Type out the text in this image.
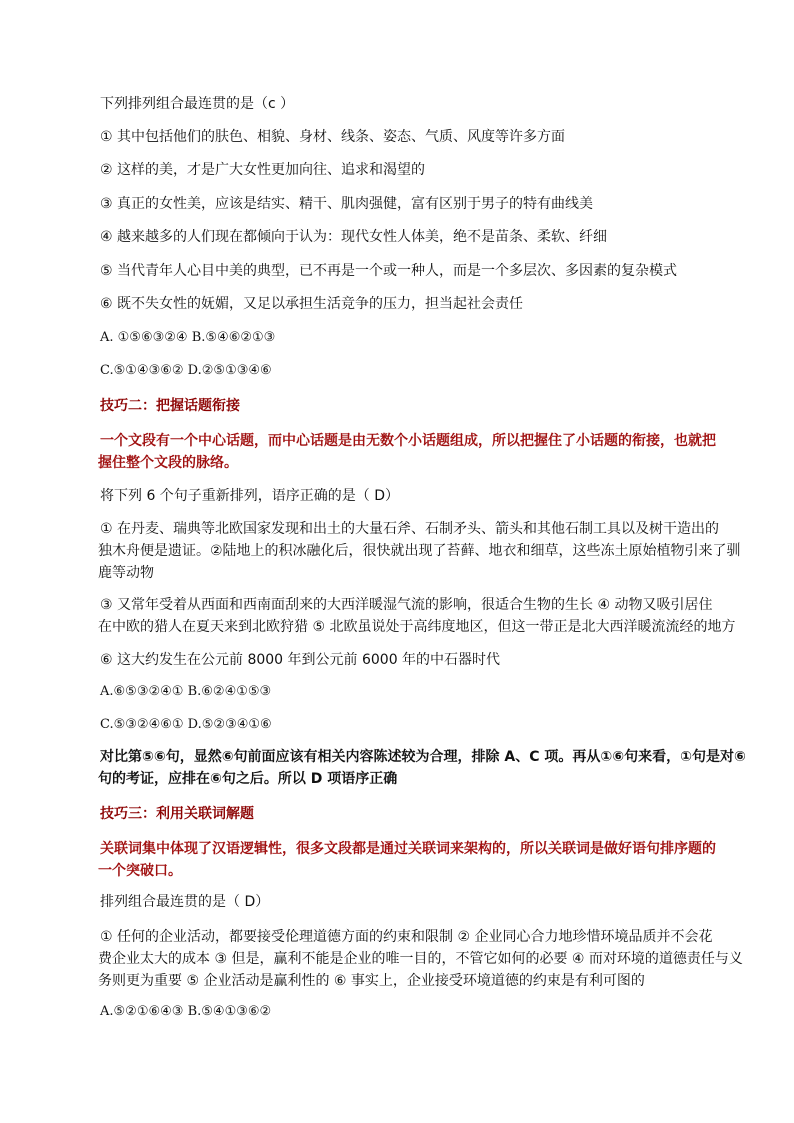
下列排列组合最连贯的是（c ）
① 其中包括他们的肤色、相貌、身材、线条、姿态、气质、风度等许多方面
② 这样的美，才是广大女性更加向往、追求和渴望的
③ 真正的女性美，应该是结实、精干、肌肉强健，富有区别于男子的特有曲线美
④ 越来越多的人们现在都倾向于认为：现代女性人体美，绝不是苗条、柔软、纤细
⑤ 当代青年人心目中美的典型，已不再是一个或一种人，而是一个多层次、多因素的复杂模式
⑥ 既不失女性的妩媚，又足以承担生活竞争的压力，担当起社会责任
A. ①⑤⑥③②④ B.⑤④⑥②①③
C.⑤①④③⑥② D.②⑤①③④⑥
技巧二：把握话题衔接
一个文段有一个中心话题，而中心话题是由无数个小话题组成，所以把握住了小话题的衔接，也就把
握住整个文段的脉络。
将下列 6 个句子重新排列，语序正确的是（ D）
① 在丹麦、瑞典等北欧国家发现和出土的大量石斧、石制矛头、箭头和其他石制工具以及树干造出的
独木舟便是遗证。②陆地上的积冰融化后，很快就出现了苔藓、地衣和细草，这些冻土原始植物引来了驯
鹿等动物
③ 又常年受着从西面和西南面刮来的大西洋暖湿气流的影响，很适合生物的生长 ④ 动物又吸引居住
在中欧的猎人在夏天来到北欧狩猎 ⑤ 北欧虽说处于高纬度地区，但这一带正是北大西洋暖流流经的地方
⑥ 这大约发生在公元前 8000 年到公元前 6000 年的中石器时代
A.⑥⑤③②④① B.⑥②④①⑤③
C.⑤③②④⑥① D.⑤②③④①⑥
对比第⑤⑥句，显然⑥句前面应该有相关内容陈述较为合理，排除 A、C 项。再从①⑥句来看，①句是对⑥
句的考证，应排在⑥句之后。所以 D 项语序正确
技巧三：利用关联词解题
关联词集中体现了汉语逻辑性，很多文段都是通过关联词来架构的，所以关联词是做好语句排序题的
一个突破口。
排列组合最连贯的是（ D）
① 任何的企业活动，都要接受伦理道德方面的约束和限制 ② 企业同心合力地珍惜环境品质并不会花
费企业太大的成本 ③ 但是，赢利不能是企业的唯一目的，不管它如何的必要 ④ 而对环境的道德责任与义
务则更为重要 ⑤ 企业活动是赢利性的 ⑥ 事实上，企业接受环境道德的约束是有利可图的
A.⑤②①⑥④③ B.⑤④①③⑥②
